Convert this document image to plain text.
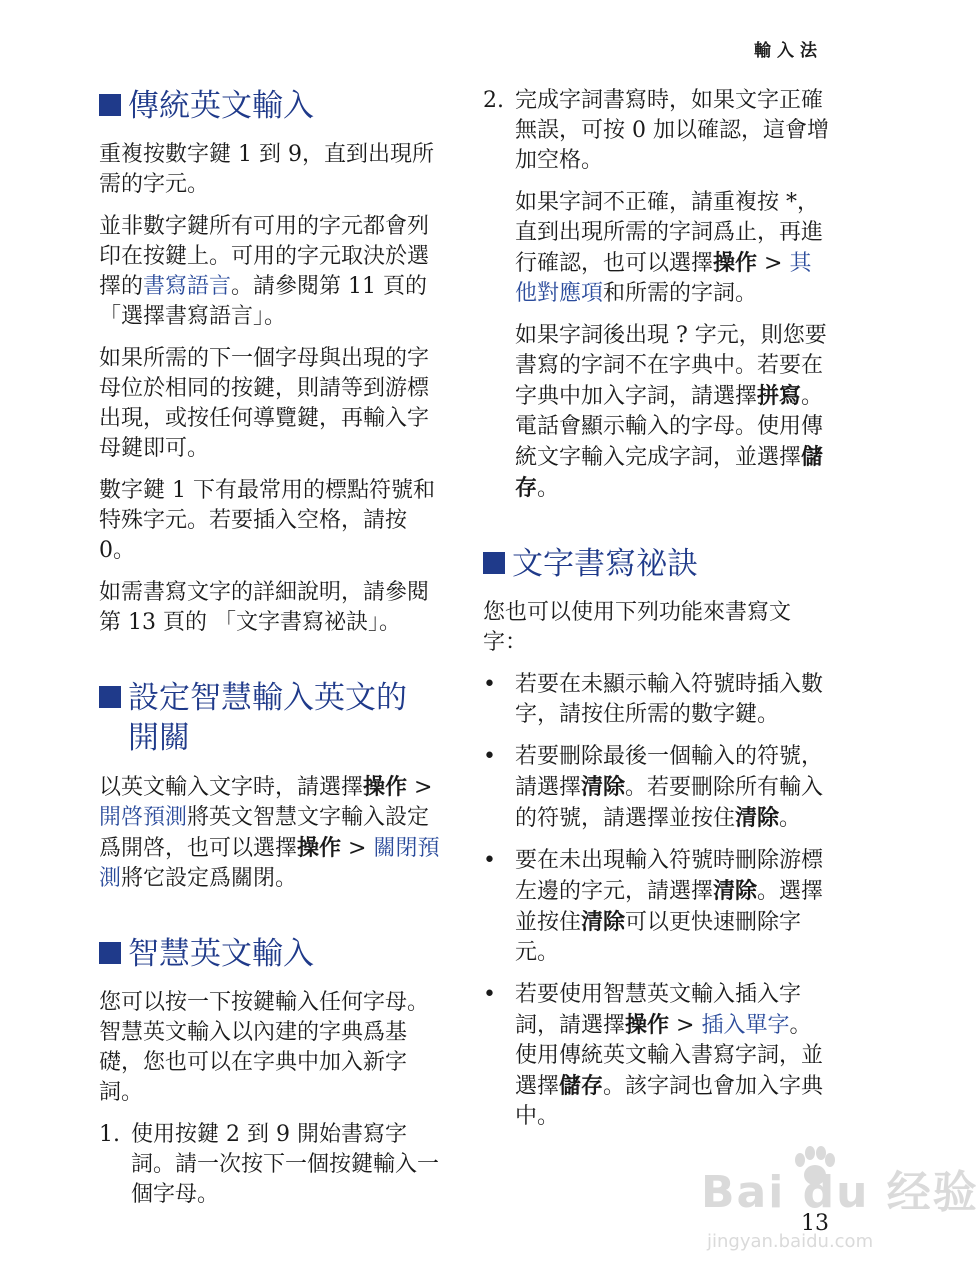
輸入法
傳統英文輸入

重複按數字鍵 1 到 9，直到出現所需的字元。

並非數字鍵所有可用的字元都會列印在按鍵上。可用的字元取決於選擇的書寫語言。請參閱第 11 頁的 「選擇書寫語言」。

如果所需的下一個字母與出現的字母位於相同的按鍵，則請等到游標出現，或按任何導覽鍵，再輸入字母鍵即可。

數字鍵 1 下有最常用的標點符號和特殊字元。若要插入空格，請按 0。

如需書寫文字的詳細說明，請參閱第 13 頁的 「文字書寫祕訣」。

設定智慧輸入英文的開關

以英文輸入文字時，請選擇操作 > 開啓預測將英文智慧文字輸入設定爲開啓，也可以選擇操作 > 關閉預測將它設定爲關閉。

智慧英文輸入

您可以按一下按鍵輸入任何字母。智慧英文輸入以內建的字典爲基礎，您也可以在字典中加入新字詞。

1. 使用按鍵 2 到 9 開始書寫字詞。請一次按下一個按鍵輸入一個字母。
2. 完成字詞書寫時，如果文字正確無誤，可按 0 加以確認，這會增加空格。

如果字詞不正確，請重複按 *，直到出現所需的字詞爲止，再進行確認，也可以選擇操作 > 其他對應項和所需的字詞。

如果字詞後出現 ? 字元，則您要書寫的字詞不在字典中。若要在字典中加入字詞，請選擇拼寫。電話會顯示輸入的字母。使用傳統文字輸入完成字詞，並選擇儲存。

文字書寫祕訣

您也可以使用下列功能來書寫文字：

• 若要在未顯示輸入符號時插入數字，請按住所需的數字鍵。
• 若要刪除最後一個輸入的符號，請選擇清除。若要刪除所有輸入的符號，請選擇並按住清除。
• 要在未出現輸入符號時刪除游標左邊的字元，請選擇清除。選擇並按住清除可以更快速刪除字元。
• 若要使用智慧英文輸入插入字詞，請選擇操作 > 插入單字。使用傳統英文輸入書寫字詞，並選擇儲存。該字詞也會加入字典中。
Bai du 经验
jingyan.baidu.com
13
